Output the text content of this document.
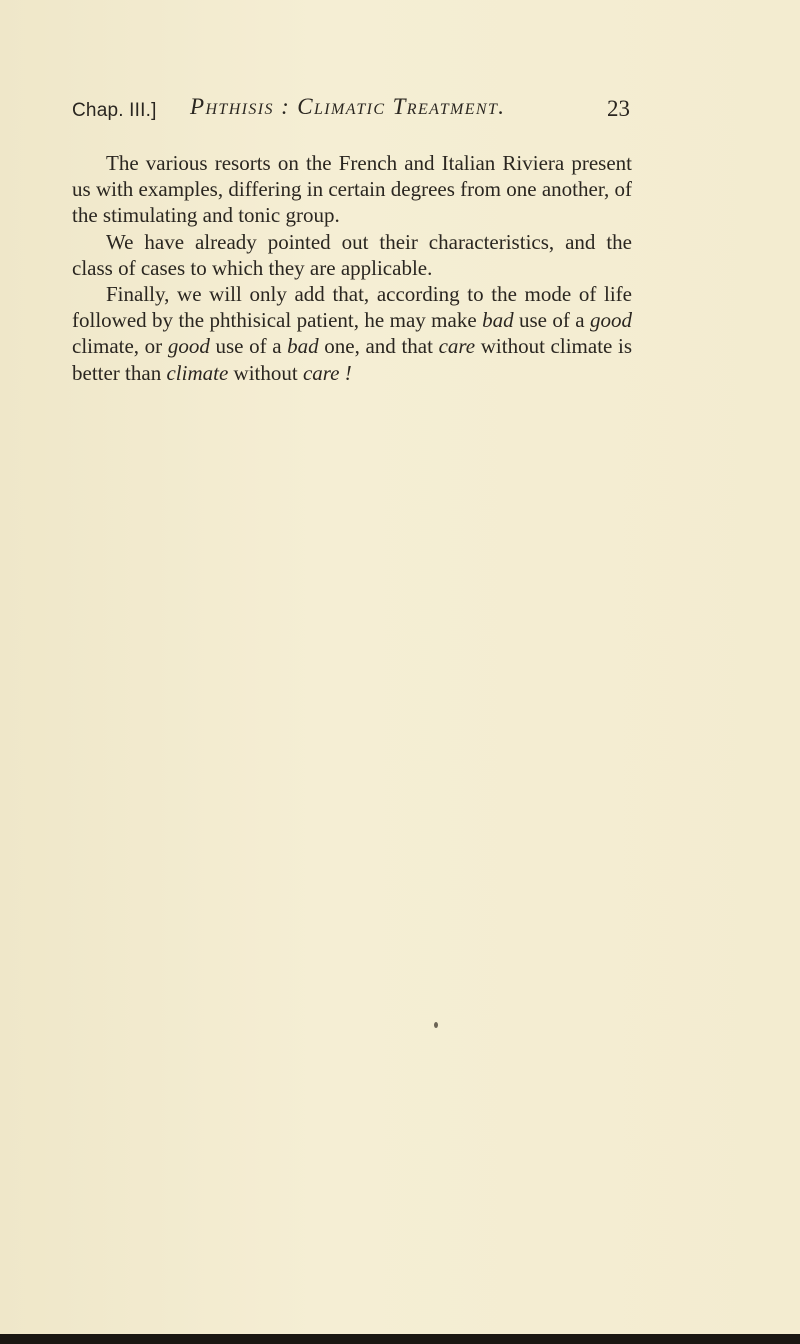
Chap. III.] Phthisis : Climatic Treatment.	23

The various resorts on the French and Italian Riviera present us with examples, differing in certain degrees from one another, of the stimulating and tonic group.

We have already pointed out their characteristics, and the class of cases to which they are applicable.

Finally, we will only add that, according to the mode of life followed by the phthisical patient, he may make bad use of a good climate, or good use of a bad one, and that care without climate is better than climate without care !
